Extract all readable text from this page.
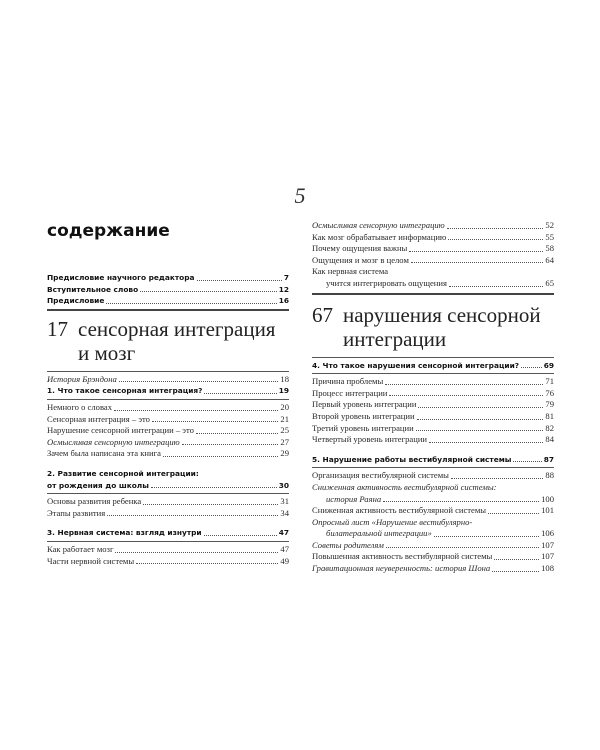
5
содержание
Предисловие научного редактора	7
Вступительное слово	12
Предисловие	16
17 сенсорная интеграция
и мозг
История Брэндона	18
1. Что такое сенсорная интеграция?	19
Немного о словах	20
Сенсорная интеграция – это	21
Нарушение сенсорной интеграции – это	25
Осмысливая сенсорную интеграцию	27
Зачем была написана эта книга	29
2. Развитие сенсорной интеграции:
от рождения до школы	30
Основы развития ребенка	31
Этапы развития	34
3. Нервная система: взгляд изнутри	47
Как работает мозг	47
Части нервной системы	49
Осмысливая сенсорную интеграцию	52
Как мозг обрабатывает информацию	55
Почему ощущения важны	58
Ощущения и мозг в целом	64
Как нервная система
учится интегрировать ощущения	65
67 нарушения сенсорной
интеграции
4. Что такое нарушения сенсорной интеграции?	69
Причина проблемы	71
Процесс интеграции	76
Первый уровень интеграции	79
Второй уровень интеграции	81
Третий уровень интеграции	82
Четвертый уровень интеграции	84
5. Нарушение работы вестибулярной системы	87
Организация вестибулярной системы	88
Сниженная активность вестибулярной системы:
история Раяна	100
Сниженная активность вестибулярной системы	101
Опросный лист «Нарушение вестибулярно-
билатеральной интеграции»	106
Советы родителям	107
Повышенная активность вестибулярной системы	107
Гравитационная неуверенность: история Шона	108
